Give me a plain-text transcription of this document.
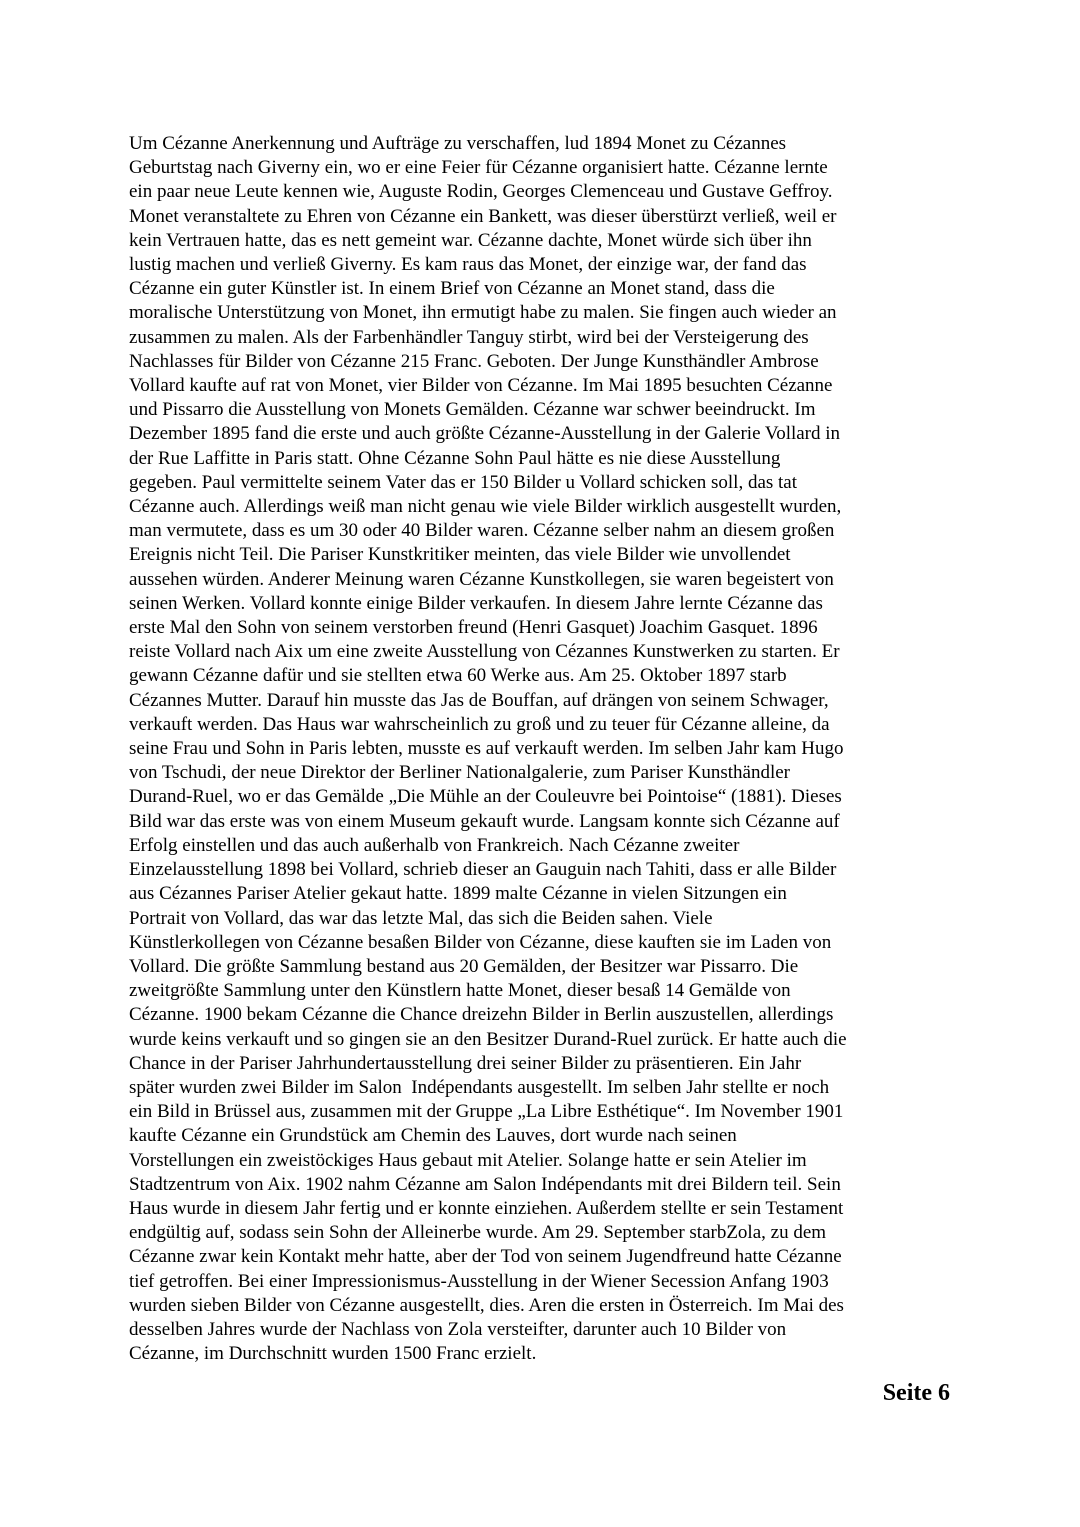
Um Cézanne Anerkennung und Aufträge zu verschaffen, lud 1894 Monet zu Cézannes
Geburtstag nach Giverny ein, wo er eine Feier für Cézanne organisiert hatte. Cézanne lernte
ein paar neue Leute kennen wie, Auguste Rodin, Georges Clemenceau und Gustave Geffroy.
Monet veranstaltete zu Ehren von Cézanne ein Bankett, was dieser überstürzt verließ, weil er
kein Vertrauen hatte, das es nett gemeint war. Cézanne dachte, Monet würde sich über ihn
lustig machen und verließ Giverny. Es kam raus das Monet, der einzige war, der fand das
Cézanne ein guter Künstler ist. In einem Brief von Cézanne an Monet stand, dass die
moralische Unterstützung von Monet, ihn ermutigt habe zu malen. Sie fingen auch wieder an
zusammen zu malen. Als der Farbenhändler Tanguy stirbt, wird bei der Versteigerung des
Nachlasses für Bilder von Cézanne 215 Franc. Geboten. Der Junge Kunsthändler Ambrose
Vollard kaufte auf rat von Monet, vier Bilder von Cézanne. Im Mai 1895 besuchten Cézanne
und Pissarro die Ausstellung von Monets Gemälden. Cézanne war schwer beeindruckt. Im
Dezember 1895 fand die erste und auch größte Cézanne-Ausstellung in der Galerie Vollard in
der Rue Laffitte in Paris statt. Ohne Cézanne Sohn Paul hätte es nie diese Ausstellung
gegeben. Paul vermittelte seinem Vater das er 150 Bilder u Vollard schicken soll, das tat
Cézanne auch. Allerdings weiß man nicht genau wie viele Bilder wirklich ausgestellt wurden,
man vermutete, dass es um 30 oder 40 Bilder waren. Cézanne selber nahm an diesem großen
Ereignis nicht Teil. Die Pariser Kunstkritiker meinten, das viele Bilder wie unvollendet
aussehen würden. Anderer Meinung waren Cézanne Kunstkollegen, sie waren begeistert von
seinen Werken. Vollard konnte einige Bilder verkaufen. In diesem Jahre lernte Cézanne das
erste Mal den Sohn von seinem verstorben freund (Henri Gasquet) Joachim Gasquet. 1896
reiste Vollard nach Aix um eine zweite Ausstellung von Cézannes Kunstwerken zu starten. Er
gewann Cézanne dafür und sie stellten etwa 60 Werke aus. Am 25. Oktober 1897 starb
Cézannes Mutter. Darauf hin musste das Jas de Bouffan, auf drängen von seinem Schwager,
verkauft werden. Das Haus war wahrscheinlich zu groß und zu teuer für Cézanne alleine, da
seine Frau und Sohn in Paris lebten, musste es auf verkauft werden. Im selben Jahr kam Hugo
von Tschudi, der neue Direktor der Berliner Nationalgalerie, zum Pariser Kunsthändler
Durand-Ruel, wo er das Gemälde „Die Mühle an der Couleuvre bei Pointoise“ (1881). Dieses
Bild war das erste was von einem Museum gekauft wurde. Langsam konnte sich Cézanne auf
Erfolg einstellen und das auch außerhalb von Frankreich. Nach Cézanne zweiter
Einzelausstellung 1898 bei Vollard, schrieb dieser an Gauguin nach Tahiti, dass er alle Bilder
aus Cézannes Pariser Atelier gekaut hatte. 1899 malte Cézanne in vielen Sitzungen ein
Portrait von Vollard, das war das letzte Mal, das sich die Beiden sahen. Viele
Künstlerkollegen von Cézanne besaßen Bilder von Cézanne, diese kauften sie im Laden von
Vollard. Die größte Sammlung bestand aus 20 Gemälden, der Besitzer war Pissarro. Die
zweitgrößte Sammlung unter den Künstlern hatte Monet, dieser besaß 14 Gemälde von
Cézanne. 1900 bekam Cézanne die Chance dreizehn Bilder in Berlin auszustellen, allerdings
wurde keins verkauft und so gingen sie an den Besitzer Durand-Ruel zurück. Er hatte auch die
Chance in der Pariser Jahrhundertausstellung drei seiner Bilder zu präsentieren. Ein Jahr
später wurden zwei Bilder im Salon  Indépendants ausgestellt. Im selben Jahr stellte er noch
ein Bild in Brüssel aus, zusammen mit der Gruppe „La Libre Esthétique“. Im November 1901
kaufte Cézanne ein Grundstück am Chemin des Lauves, dort wurde nach seinen
Vorstellungen ein zweistöckiges Haus gebaut mit Atelier. Solange hatte er sein Atelier im
Stadtzentrum von Aix. 1902 nahm Cézanne am Salon Indépendants mit drei Bildern teil. Sein
Haus wurde in diesem Jahr fertig und er konnte einziehen. Außerdem stellte er sein Testament
endgültig auf, sodass sein Sohn der Alleinerbe wurde. Am 29. September starbZola, zu dem
Cézanne zwar kein Kontakt mehr hatte, aber der Tod von seinem Jugendfreund hatte Cézanne
tief getroffen. Bei einer Impressionismus-Ausstellung in der Wiener Secession Anfang 1903
wurden sieben Bilder von Cézanne ausgestellt, dies. Aren die ersten in Österreich. Im Mai des
desselben Jahres wurde der Nachlass von Zola versteifter, darunter auch 10 Bilder von
Cézanne, im Durchschnitt wurden 1500 Franc erzielt.
Seite 6
